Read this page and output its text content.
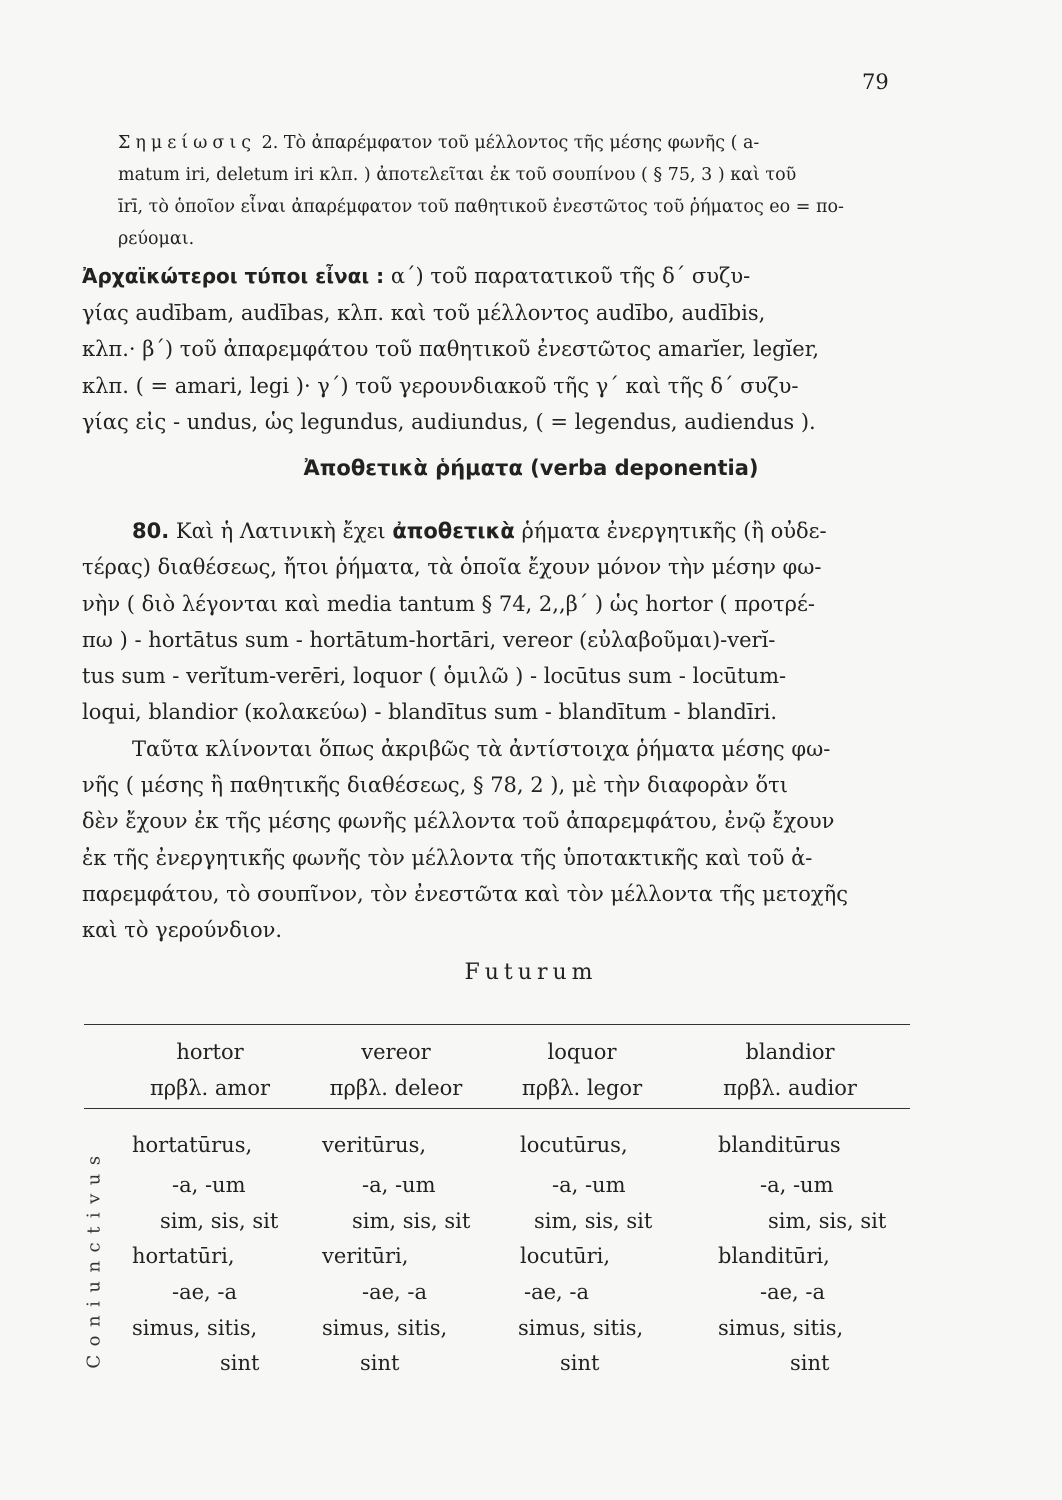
79
Σημείωσις 2. Τὸ ἀπαρέμφατον τοῦ μέλλοντος τῆς μέσης φωνῆς ( a-
matum iri, deletum iri κλπ. ) ἀποτελεῖται ἐκ τοῦ σουπίνου ( § 75, 3 ) καὶ τοῦ
īrī, τὸ ὁποῖον εἶναι ἀπαρέμφατον τοῦ παθητικοῦ ἐνεστῶτος τοῦ ῥήματος eo = πο-
ρεύομαι.
Ἀρχαϊκώτεροι τύποι εἶναι : α΄) τοῦ παρατατικοῦ τῆς δ΄ συζυ-
γίας audībam, audības, κλπ. καὶ τοῦ μέλλοντος audībo, audībis,
κλπ.· β΄) τοῦ ἀπαρεμφάτου τοῦ παθητικοῦ ἐνεστῶτος amarĭer, legĭer,
κλπ. ( = amari, legi )· γ΄) τοῦ γερουνδιακοῦ τῆς γ΄ καὶ τῆς δ΄ συζυ-
γίας εἰς - undus, ὡς legundus, audiundus, ( = legendus, audiendus ).
Ἀποθετικὰ ῥήματα (verba deponentia)
80. Καὶ ἡ Λατινικὴ ἔχει ἀποθετικὰ ῥήματα ἐνεργητικῆς (ἢ οὐδε-
τέρας) διαθέσεως, ἤτοι ῥήματα, τὰ ὁποῖα ἔχουν μόνον τὴν μέσην φω-
νὴν ( διὸ λέγονται καὶ media tantum § 74, 2,,β΄ ) ὡς hortor ( προτρέ-
πω ) - hortātus sum - hortātum-hortāri, vereor (εὐλαβοῦμαι)-verĭ-
tus sum - verĭtum-verēri, loquor ( ὁμιλῶ ) - locūtus sum - locūtum-
loqui, blandior (κολακεύω) - blandītus sum - blandītum - blandīri.
Ταῦτα κλίνονται ὅπως ἀκριβῶς τὰ ἀντίστοιχα ῥήματα μέσης φω-
νῆς ( μέσης ἢ παθητικῆς διαθέσεως, § 78, 2 ), μὲ τὴν διαφορὰν ὅτι
δὲν ἔχουν ἐκ τῆς μέσης φωνῆς μέλλοντα τοῦ ἀπαρεμφάτου, ἐνῷ ἔχουν
ἐκ τῆς ἐνεργητικῆς φωνῆς τὸν μέλλοντα τῆς ὑποτακτικῆς καὶ τοῦ ἀ-
παρεμφάτου, τὸ σουπῖνον, τὸν ἐνεστῶτα καὶ τὸν μέλλοντα τῆς μετοχῆς
καὶ τὸ γερούνδιον.
Futurum
hortor
πρβλ. amor
vereor
πρβλ. deleor
loquor
πρβλ. legor
blandior
πρβλ. audior
Coniunctivus
hortatūrus,
-a, -um
sim, sis, sit
hortatūri,
-ae, -a
simus, sitis,
sint
veritūrus,
-a, -um
sim, sis, sit
veritūri,
-ae, -a
simus, sitis,
sint
locutūrus,
-a, -um
sim, sis, sit
locutūri,
-ae, -a
simus, sitis,
sint
blanditūrus
-a, -um
sim, sis, sit
blanditūri,
-ae, -a
simus, sitis,
sint
